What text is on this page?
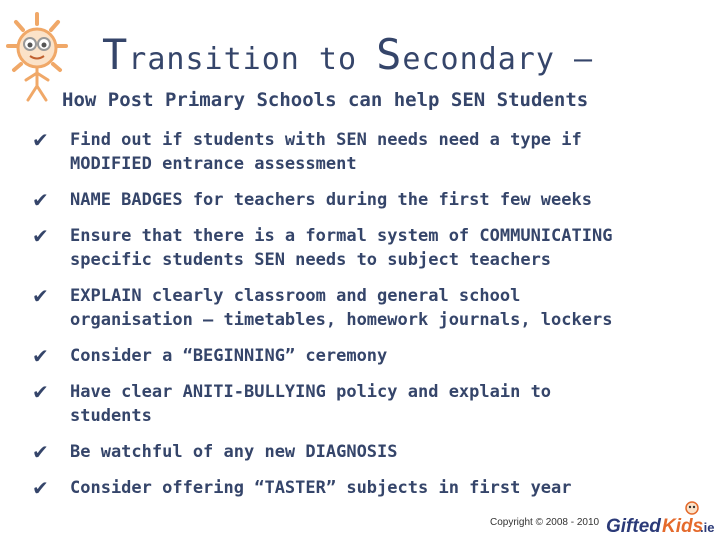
Transition to Secondary –
How Post Primary Schools can help SEN Students
✔ Find out if students with SEN needs need a type if
MODIFIED entrance assessment
✔ NAME BADGES for teachers during the first few weeks
✔ Ensure that there is a formal system of COMMUNICATING
specific students SEN needs to subject teachers
✔ EXPLAIN clearly classroom and general school
organisation – timetables, homework journals, lockers
✔ Consider a “BEGINNING” ceremony
✔ Have clear ANITI-BULLYING policy and explain to
students
✔ Be watchful of any new DIAGNOSIS
✔ Consider offering “TASTER” subjects in first year
Copyright © 2008 - 2010 Gifted Kids
.ie
